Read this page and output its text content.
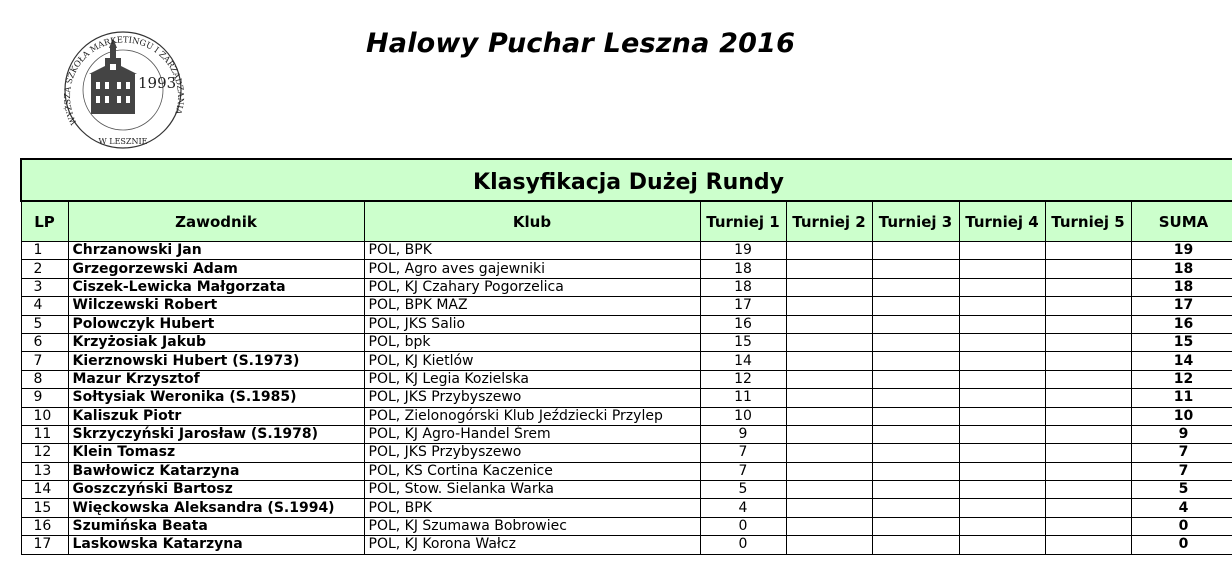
1993
WYŻSZA SZKOŁA MARKETINGU I ZARZĄDZANIA
W LESZNIE
Halowy Puchar Leszna 2016
Klasyfikacja Dużej Rundy								
LP	Zawodnik	Klub	Turniej 1	Turniej 2	Turniej 3	Turniej 4	Turniej 5	SUMA
1	Chrzanowski Jan	POL, BPK	19					19
2	Grzegorzewski Adam	POL, Agro aves gajewniki	18					18
3	Ciszek-Lewicka Małgorzata	POL, KJ Czahary Pogorzelica	18					18
4	Wilczewski Robert	POL, BPK MAZ	17					17
5	Polowczyk Hubert	POL, JKS Salio	16					16
6	Krzyżosiak Jakub	POL, bpk	15					15
7	Kierznowski Hubert (S.1973)	POL, KJ Kietlów	14					14
8	Mazur Krzysztof	POL, KJ Legia Kozielska	12					12
9	Sołtysiak Weronika (S.1985)	POL, JKS Przybyszewo	11					11
10	Kaliszuk Piotr	POL, Zielonogórski Klub Jeździecki Przylep	10					10
11	Skrzyczyński Jarosław (S.1978)	POL, KJ Agro-Handel Śrem	9					9
12	Klein Tomasz	POL, JKS Przybyszewo	7					7
13	Bawłowicz Katarzyna	POL, KS Cortina Kaczenice	7					7
14	Goszczyński Bartosz	POL, Stow. Sielanka Warka	5					5
15	Więckowska Aleksandra (S.1994)	POL, BPK	4					4
16	Szumińska Beata	POL, KJ Szumawa Bobrowiec	0					0
17	Laskowska Katarzyna	POL, KJ Korona Wałcz	0					0
